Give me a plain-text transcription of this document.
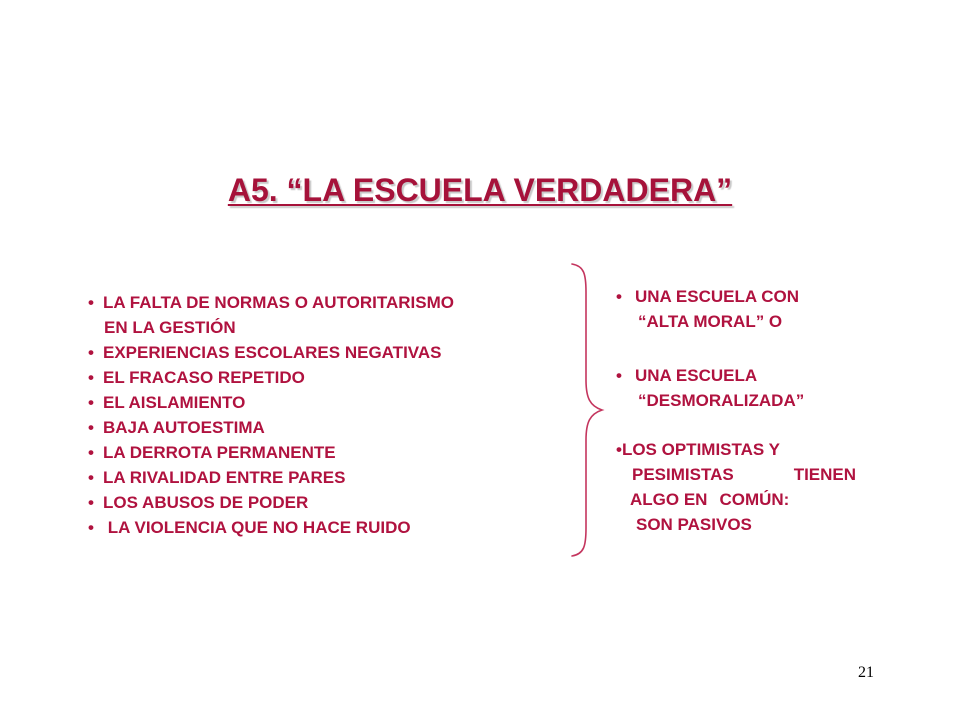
A5. “LA ESCUELA VERDADERA”
• LA FALTA DE NORMAS O AUTORITARISMO
EN LA GESTIÓN
• EXPERIENCIAS ESCOLARES NEGATIVAS
• EL FRACASO REPETIDO
• EL AISLAMIENTO
• BAJA AUTOESTIMA
• LA DERROTA PERMANENTE
• LA RIVALIDAD ENTRE PARES
• LOS ABUSOS DE PODER
• LA VIOLENCIA QUE NO HACE RUIDO
• UNA ESCUELA CON
“ALTA MORAL” O
• UNA ESCUELA
“DESMORALIZADA”
•LOS OPTIMISTAS Y
PESIMISTAS	TIENEN
ALGO EN COMÚN:
SON PASIVOS
21
